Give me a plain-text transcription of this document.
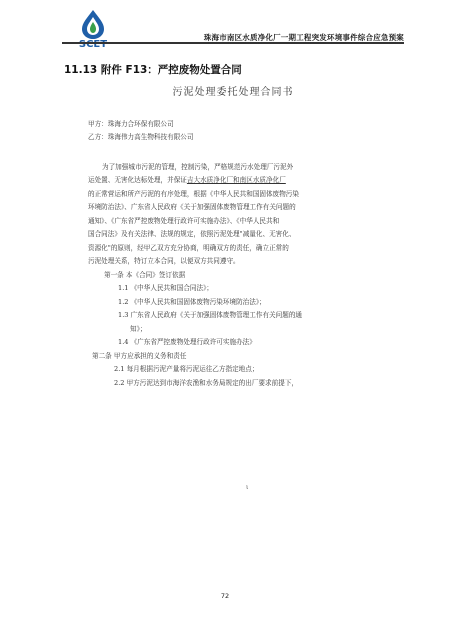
SCET
珠海市南区水质净化厂一期工程突发环境事件综合应急预案
11.13 附件 F13：严控废物处置合同

污泥处理委托处理合同书

甲方：珠海力合环保有限公司

乙方：珠海伟力高生物科技有限公司

为了加强城市污泥的管理，控制污染，严格规范污水处理厂污泥外

运处置、无害化达标处理，并保证吉大水质净化厂和南区水质净化厂

的正常营运和所产污泥的有序处理，根据《中华人民共和国固体废物污染

环境防治法》、广东省人民政府《关于加强固体废物管理工作有关问题的

通知》、《广东省严控废物处理行政许可实施办法》、《中华人民共和

国合同法》及有关法律、法规的规定，依照污泥处理"减量化、无害化、

资源化"的原则，经甲乙双方充分协商，明确双方的责任，确立正常的

污泥处理关系，特订立本合同，以便双方共同遵守。

第一条 本《合同》签订依据

1.1 《中华人民共和国合同法》；

1.2 《中华人民共和国固体废物污染环境防治法》；

1.3 广东省人民政府《关于加强固体废物管理工作有关问题的通

知》；

1.4 《广东省严控废物处理行政许可实施办法》

第二条 甲方应承担的义务和责任

2.1 每月根据污泥产量将污泥运往乙方指定地点；

2.2 甲方污泥达到市海洋农渔和水务局规定的出厂要求前提下，

ι
72
